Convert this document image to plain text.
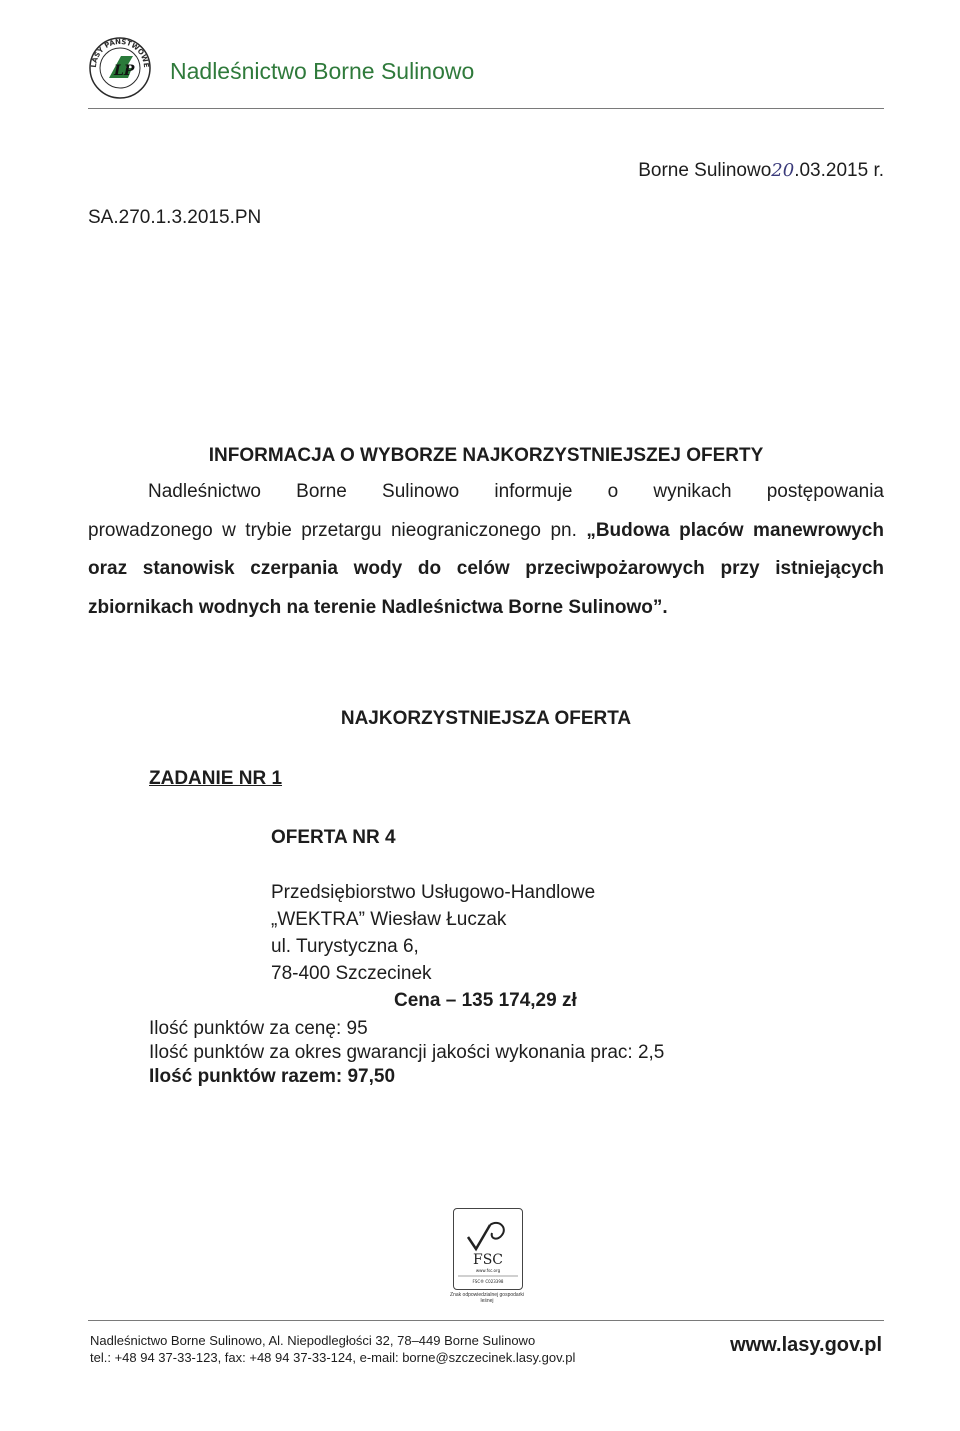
LASY PAŃSTWOWE
LP Nadleśnictwo Borne Sulinowo
Borne Sulinowo20.03.2015 r.
SA.270.1.3.2015.PN
INFORMACJA O WYBORZE NAJKORZYSTNIEJSZEJ OFERTY
Nadleśnictwo Borne Sulinowo informuje o wynikach postępowania
prowadzonego w trybie przetargu nieograniczonego pn. „Budowa placów manewrowych oraz stanowisk czerpania wody do celów przeciwpożarowych przy istniejących zbiornikach wodnych na terenie Nadleśnictwa Borne Sulinowo”.
NAJKORZYSTNIEJSZA OFERTA
ZADANIE NR 1
OFERTA NR 4
Przedsiębiorstwo Usługowo-Handlowe
„WEKTRA” Wiesław Łuczak
ul. Turystyczna 6,
78-400 Szczecinek
Cena – 135 174,29 zł
Ilość punktów za cenę: 95
Ilość punktów za okres gwarancji jakości wykonania prac: 2,5
Ilość punktów razem: 97,50
FSC
www.fsc.org
FSC® C023398
Znak odpowiedzialnej gospodarki leśnej
Nadleśnictwo Borne Sulinowo, Al. Niepodległości 32, 78–449 Borne Sulinowo
tel.: +48 94 37-33-123, fax: +48 94 37-33-124, e-mail: borne@szczecinek.lasy.gov.pl
www.lasy.gov.pl
